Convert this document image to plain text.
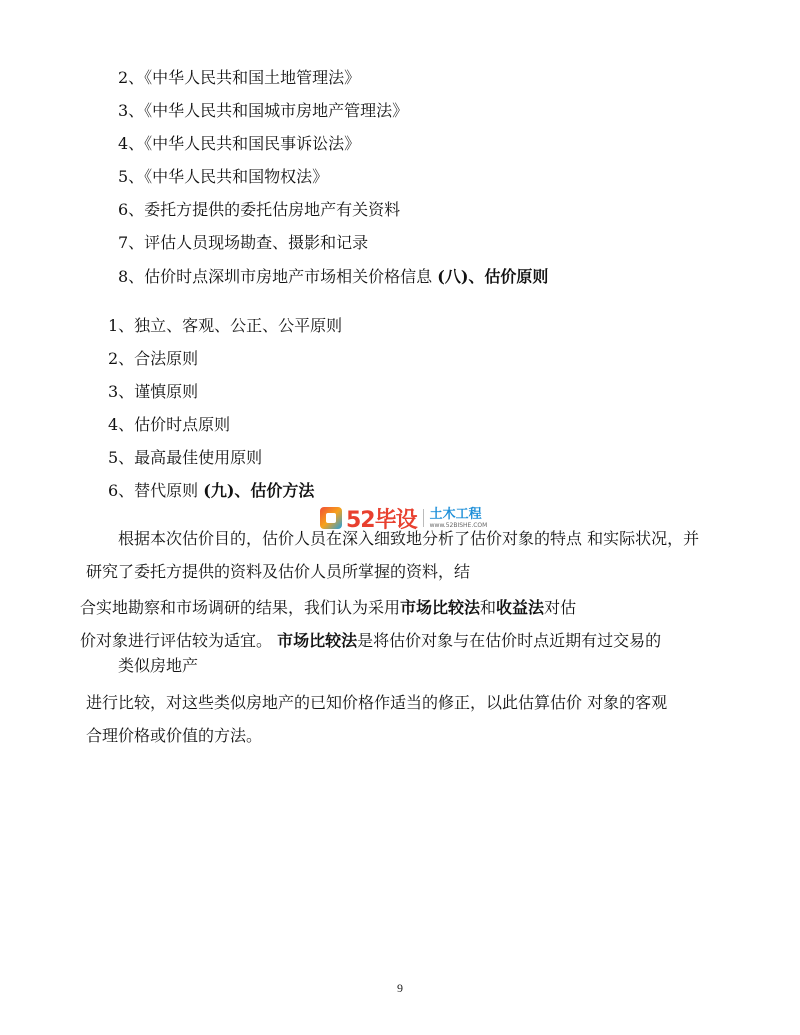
2、《中华人民共和国土地管理法》
3、《中华人民共和国城市房地产管理法》
4、《中华人民共和国民事诉讼法》
5、《中华人民共和国物权法》
6、委托方提供的委托估房地产有关资料
7、评估人员现场勘查、摄影和记录
8、估价时点深圳市房地产市场相关价格信息 (八)、估价原则
1、独立、客观、公正、公平原则
2、合法原则
3、谨慎原则
4、估价时点原则
5、最高最佳使用原则
6、替代原则 (九)、估价方法
52毕设 土木工程
www.52BISHE.COM
根据本次估价目的，估价人员在深入细致地分析了估价对象的特点 和实际状况，并
研究了委托方提供的资料及估价人员所掌握的资料，结
合实地勘察和市场调研的结果，我们认为采用市场比较法和收益法对估
价对象进行评估较为适宜。 市场比较法是将估价对象与在估价时点近期有过交易的
类似房地产
进行比较，对这些类似房地产的已知价格作适当的修正，以此估算估价 对象的客观
合理价格或价值的方法。
9
